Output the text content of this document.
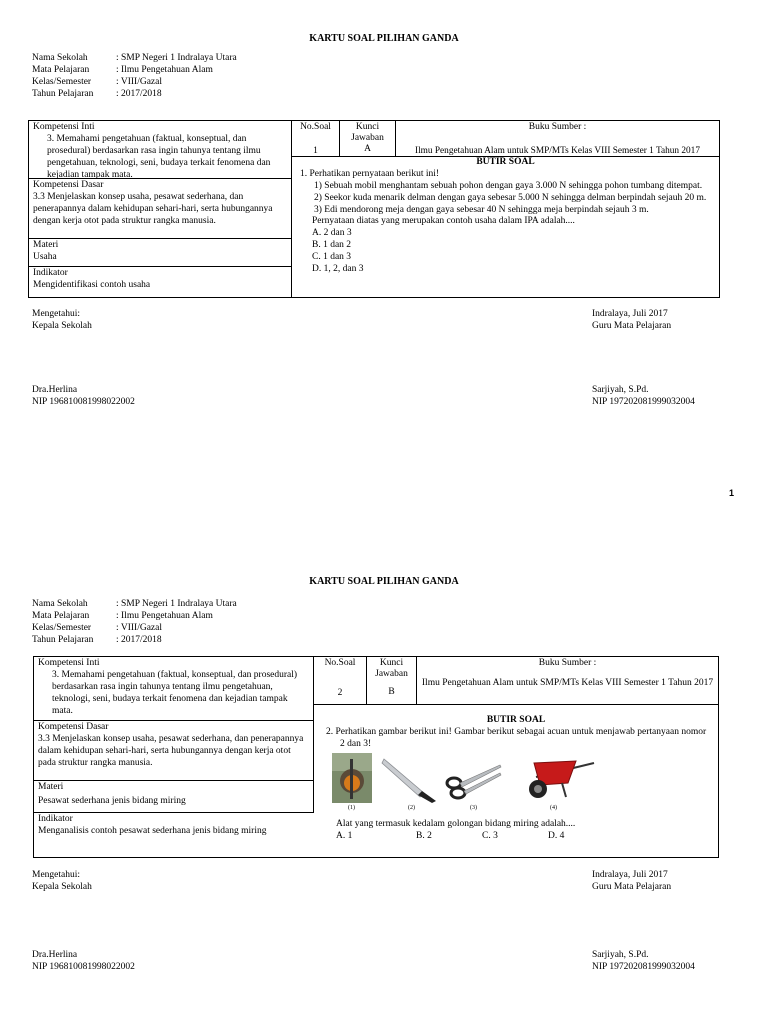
KARTU SOAL PILIHAN GANDA
Nama Sekolah	: SMP Negeri 1 Indralaya Utara
Mata Pelajaran	: Ilmu Pengetahuan Alam
Kelas/Semester	: VIII/Gazal
Tahun Pelajaran	: 2017/2018
Kompetensi Inti
3. Memahami pengetahuan (faktual, konseptual, dan prosedural) berdasarkan rasa ingin tahunya tentang ilmu pengetahuan, teknologi, seni, budaya terkait fenomena dan kejadian tampak mata.
Kompetensi Dasar
3.3 Menjelaskan konsep usaha, pesawat sederhana, dan penerapannya dalam kehidupan sehari-hari, serta hubungannya dengan kerja otot pada struktur rangka manusia.
Materi
Usaha
Indikator
Mengidentifikasi contoh usaha
No.Soal
1
Kunci Jawaban
A
Buku Sumber :
Ilmu Pengetahuan Alam untuk SMP/MTs Kelas VIII Semester 1 Tahun 2017
BUTIR SOAL
1. Perhatikan pernyataan berikut ini!
1) Sebuah mobil menghantam sebuah pohon dengan gaya 3.000 N sehingga pohon tumbang ditempat.
2) Seekor kuda menarik delman dengan gaya sebesar 5.000 N sehingga delman berpindah sejauh 20 m.
3) Edi mendorong meja dengan gaya sebesar 40 N sehingga meja berpindah sejauh 3 m.
Pernyataan diatas yang merupakan contoh usaha dalam IPA adalah....
A. 2 dan 3
B. 1 dan 2
C. 1 dan 3
D. 1, 2, dan 3
Mengetahui:
Kepala Sekolah
Dra.Herlina
NIP 196810081998022002
Indralaya, Juli 2017
Guru Mata Pelajaran
Sarjiyah, S.Pd.
NIP 197202081999032004
1
KARTU SOAL PILIHAN GANDA
Nama Sekolah	: SMP Negeri 1 Indralaya Utara
Mata Pelajaran	: Ilmu Pengetahuan Alam
Kelas/Semester	: VIII/Gazal
Tahun Pelajaran	: 2017/2018
Kompetensi Inti
3. Memahami pengetahuan (faktual, konseptual, dan prosedural) berdasarkan rasa ingin tahunya tentang ilmu pengetahuan, teknologi, seni, budaya terkait fenomena dan kejadian tampak mata.
Kompetensi Dasar
3.3 Menjelaskan konsep usaha, pesawat sederhana, dan penerapannya dalam kehidupan sehari-hari, serta hubungannya dengan kerja otot pada struktur rangka manusia.
Materi
Pesawat sederhana jenis bidang miring
Indikator
Menganalisis contoh pesawat sederhana jenis bidang miring
No.Soal
2
Kunci Jawaban
B
Buku Sumber :
Ilmu Pengetahuan Alam untuk SMP/MTs Kelas VIII Semester 1 Tahun 2017
BUTIR SOAL
2. Perhatikan gambar berikut ini! Gambar berikut sebagai acuan untuk menjawab pertanyaan nomor 2 dan 3!
(1)	(2)	(3)	(4)
Alat yang termasuk kedalam golongan bidang miring adalah....
A. 1	B. 2	C. 3	D. 4
Mengetahui:
Kepala Sekolah
Dra.Herlina
NIP 196810081998022002
Indralaya, Juli 2017
Guru Mata Pelajaran
Sarjiyah, S.Pd.
NIP 197202081999032004
